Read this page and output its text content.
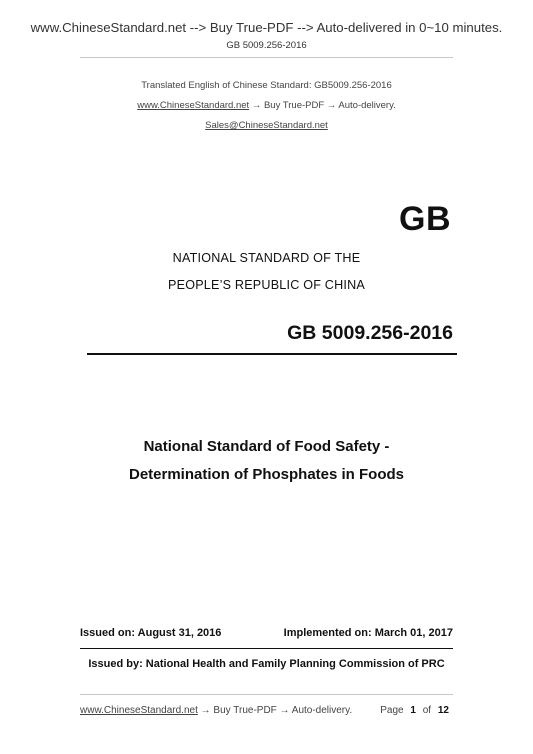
www.ChineseStandard.net --> Buy True-PDF --> Auto-delivered in 0~10 minutes.
GB 5009.256-2016
Translated English of Chinese Standard: GB5009.256-2016
www.ChineseStandard.net → Buy True-PDF → Auto-delivery.
Sales@ChineseStandard.net
GB
NATIONAL STANDARD OF THE
PEOPLE’S REPUBLIC OF CHINA
GB 5009.256-2016
National Standard of Food Safety -
Determination of Phosphates in Foods
Issued on: August 31, 2016	Implemented on: March 01, 2017
Issued by: National Health and Family Planning Commission of PRC
www.ChineseStandard.net → Buy True-PDF → Auto-delivery.	Page 1 of 12
